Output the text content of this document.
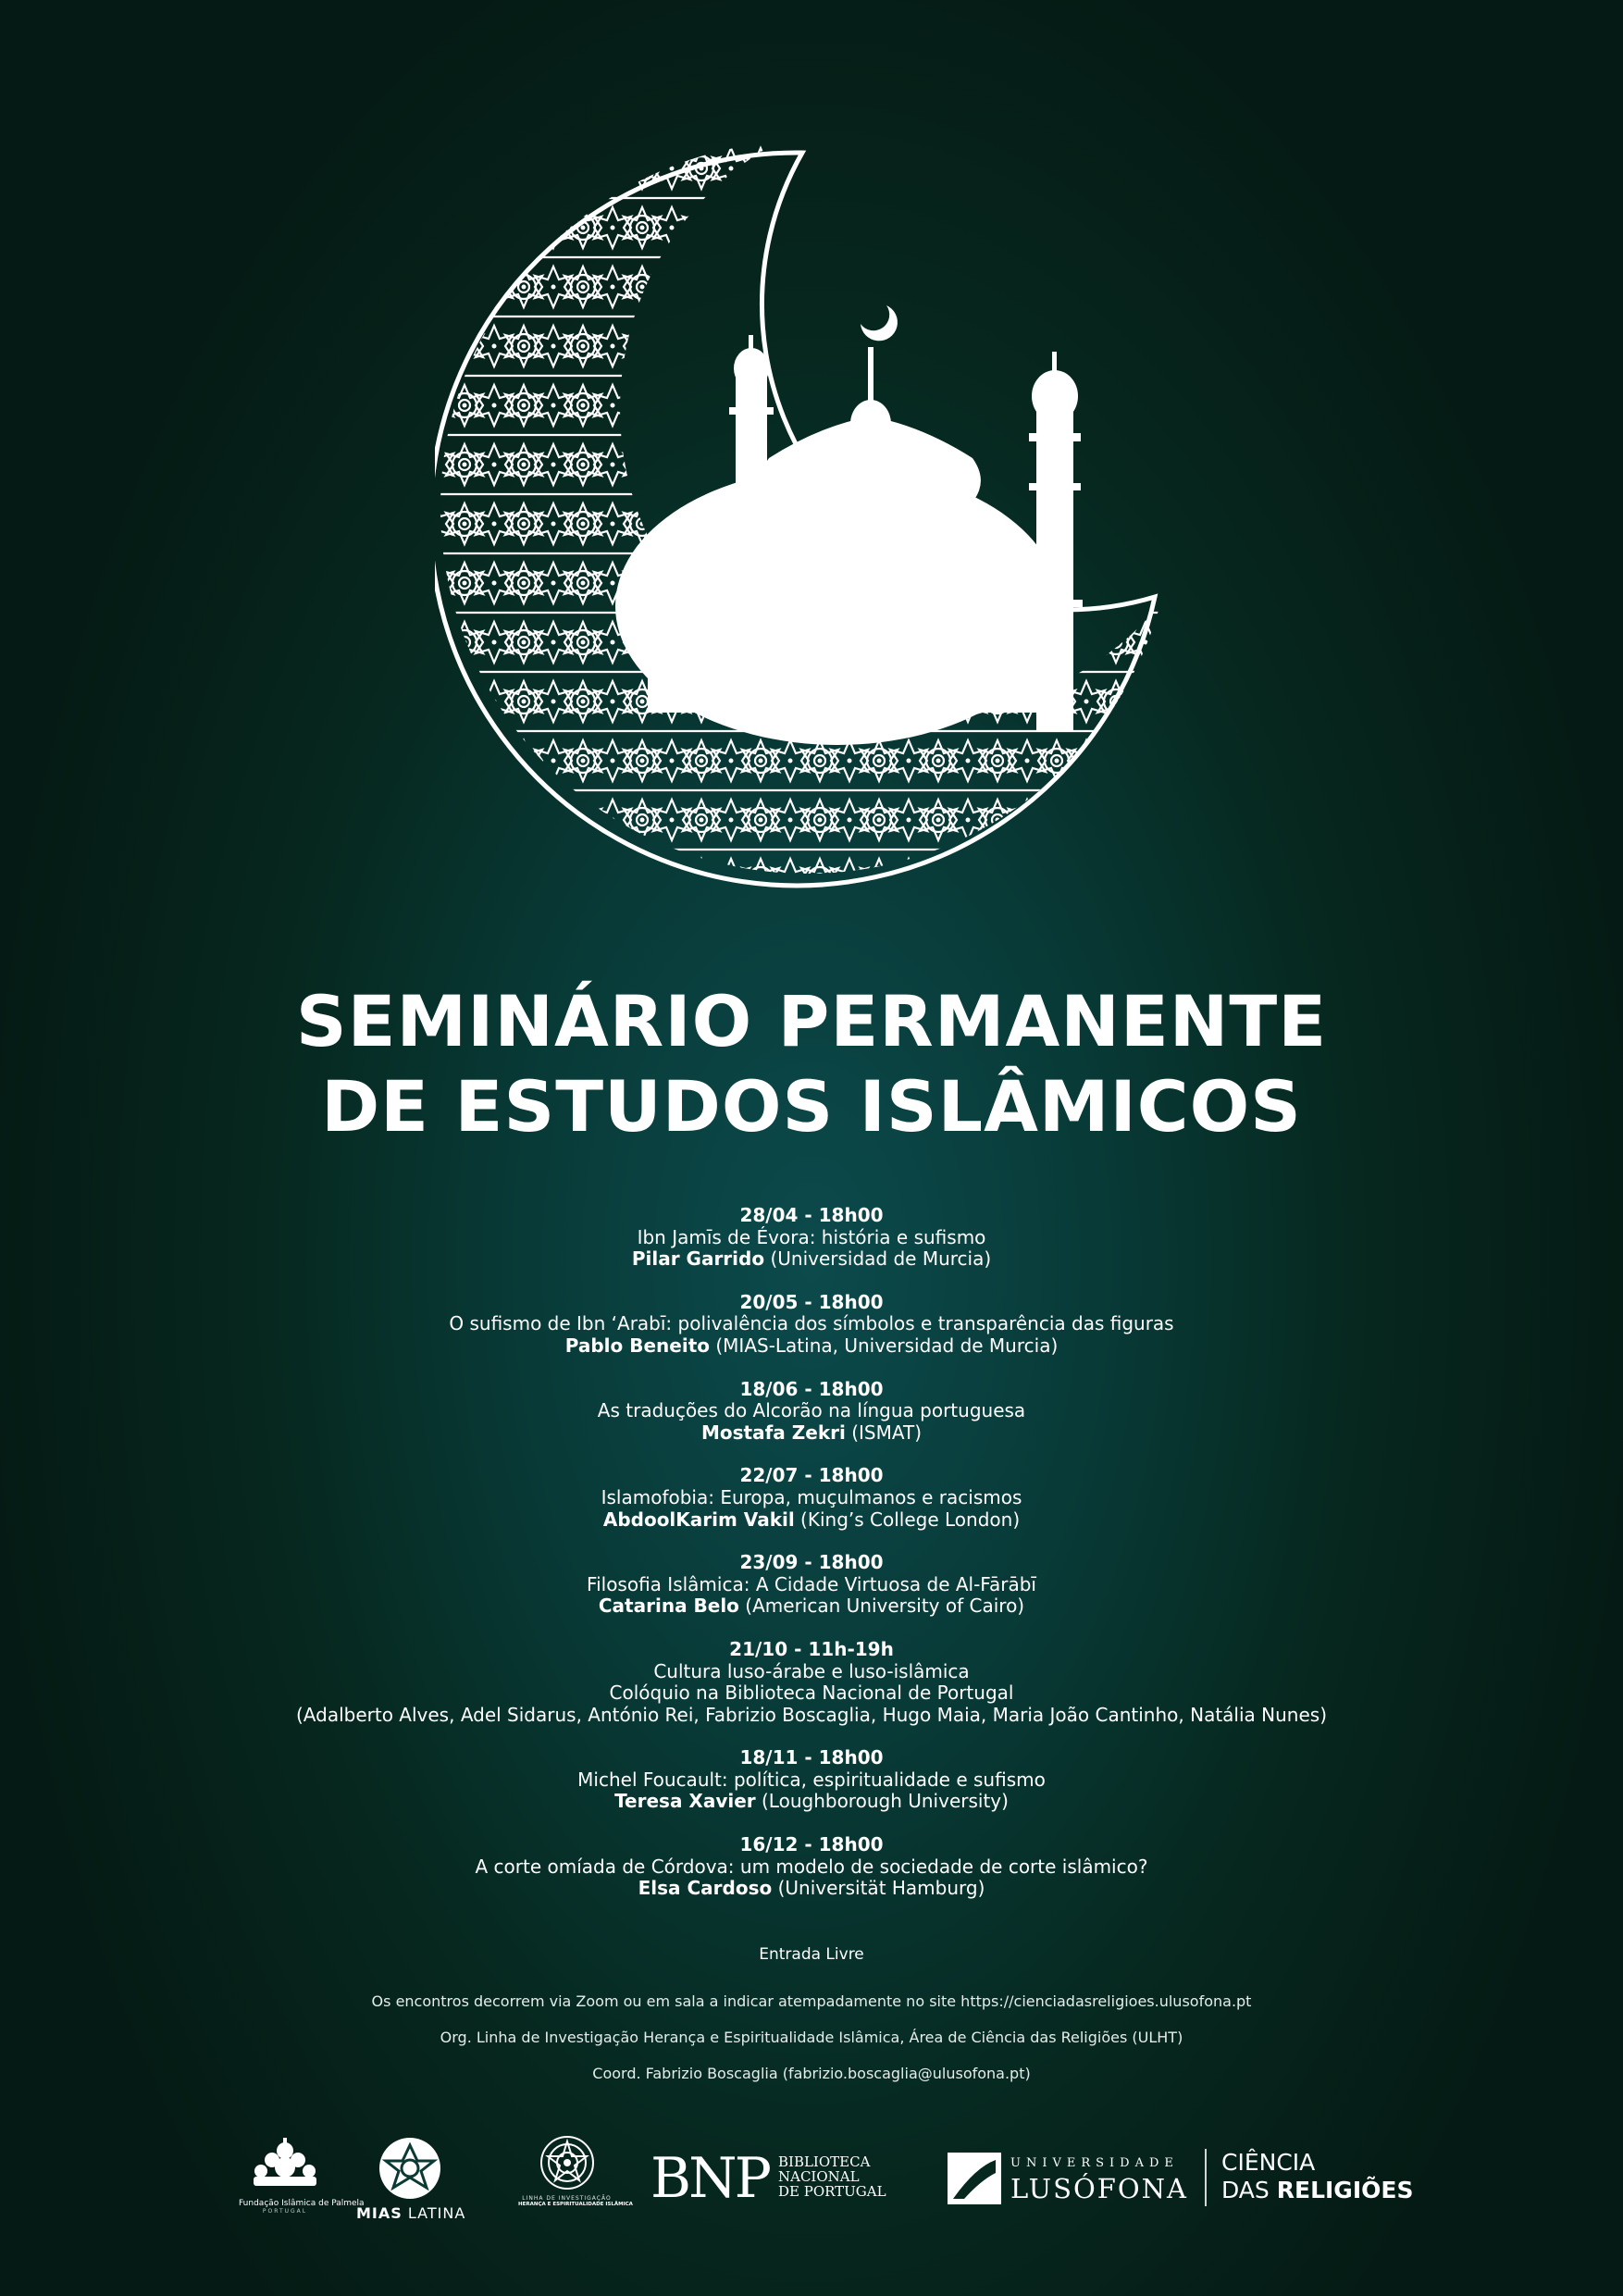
SEMINÁRIO PERMANENTE
DE ESTUDOS ISLÂMICOS
28/04 - 18h00
Ibn Jamīs de Évora: história e sufismo
Pilar Garrido (Universidad de Murcia)
20/05 - 18h00
O sufismo de Ibn ‘Arabī: polivalência dos símbolos e transparência das figuras
Pablo Beneito (MIAS-Latina, Universidad de Murcia)
18/06 - 18h00
As traduções do Alcorão na língua portuguesa
Mostafa Zekri (ISMAT)
22/07 - 18h00
Islamofobia: Europa, muçulmanos e racismos
AbdoolKarim Vakil (King’s College London)
23/09 - 18h00
Filosofia Islâmica: A Cidade Virtuosa de Al-Fārābī
Catarina Belo (American University of Cairo)
21/10 - 11h-19h
Cultura luso-árabe e luso-islâmica
Colóquio na Biblioteca Nacional de Portugal
(Adalberto Alves, Adel Sidarus, António Rei, Fabrizio Boscaglia, Hugo Maia, Maria João Cantinho, Natália Nunes)
18/11 - 18h00
Michel Foucault: política, espiritualidade e sufismo
Teresa Xavier (Loughborough University)
16/12 - 18h00
A corte omíada de Córdova: um modelo de sociedade de corte islâmico?
Elsa Cardoso (Universität Hamburg)
Entrada Livre
Os encontros decorrem via Zoom ou em sala a indicar atempadamente no site https://cienciadasreligioes.ulusofona.pt
Org. Linha de Investigação Herança e Espiritualidade Islâmica, Área de Ciência das Religiões (ULHT)
Coord. Fabrizio Boscaglia (fabrizio.boscaglia@ulusofona.pt)
Fundação Islâmica de Palmela
PORTUGAL	MIAS LATINA
LINHA DE INVESTIGAÇÃO
HERANÇA E ESPIRITUALIDADE ISLÂMICA BNP BIBLIOTECA
NACIONAL
DE PORTUGAL
UNIVERSIDADE
LUSÓFONA
CIÊNCIA
DAS RELIGIÕES
